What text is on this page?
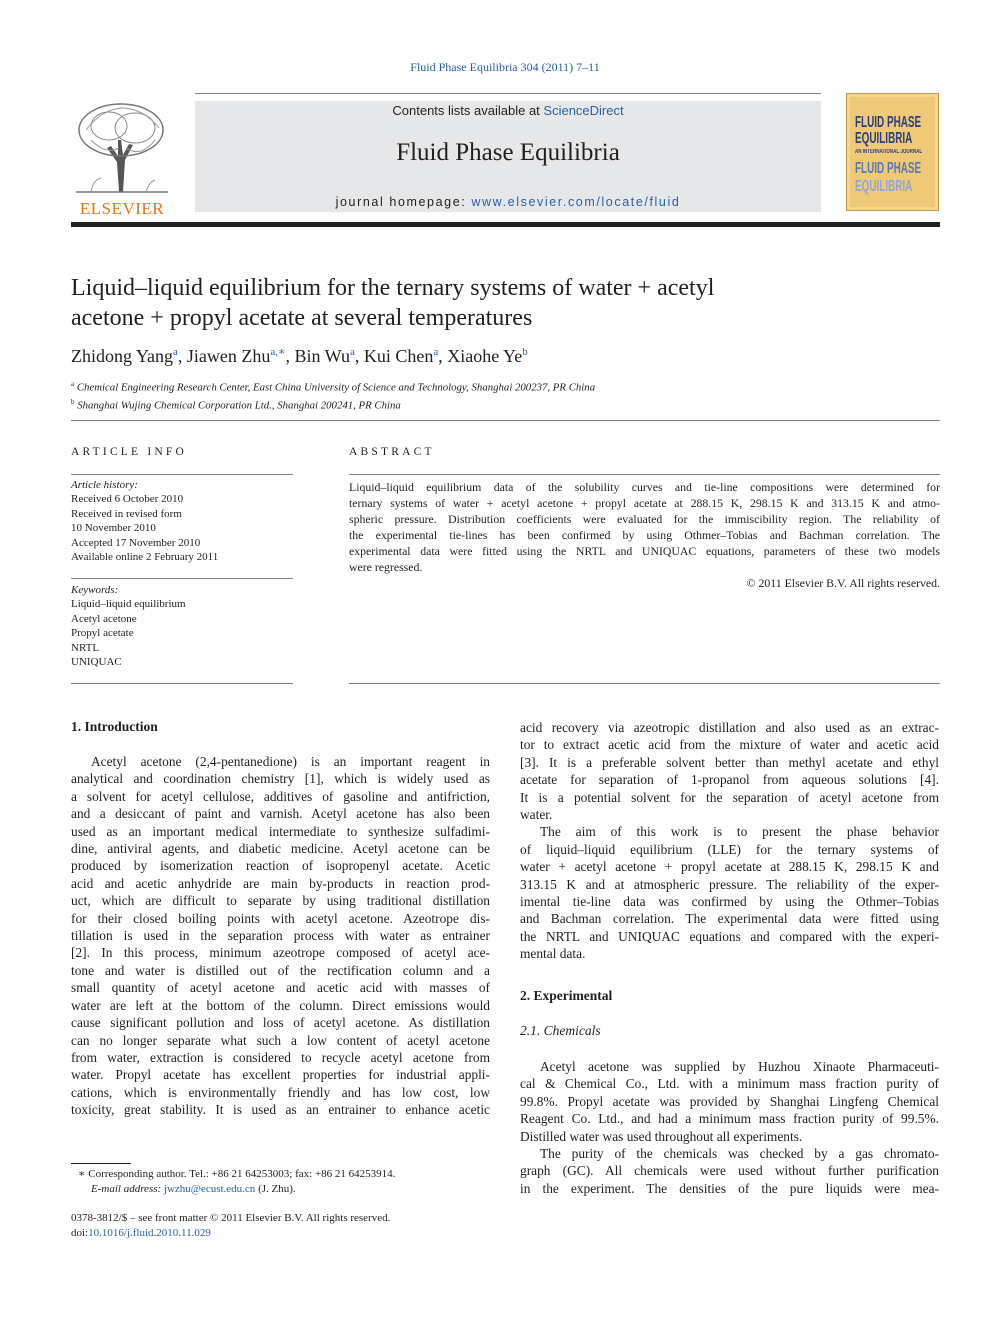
Fluid Phase Equilibria 304 (2011) 7–11
ELSEVIER
Contents lists available at ScienceDirect
Fluid Phase Equilibria
journal homepage: www.elsevier.com/locate/fluid
FLUID PHASE
EQUILIBRIA
AN INTERNATIONAL JOURNAL
FLUID PHASE
EQUILIBRIA
Liquid–liquid equilibrium for the ternary systems of water + acetyl
acetone + propyl acetate at several temperatures
Zhidong Yang$^a$, Jiawen Zhu$^{a,∗}$, Bin Wu$^a$, Kui Chen$^a$, Xiaohe Ye$^b$
$^a$ Chemical Engineering Research Center, East China University of Science and Technology, Shanghai 200237, PR China
$^b$ Shanghai Wujing Chemical Corporation Ltd., Shanghai 200241, PR China
ARTICLE INFO
Article history:
Received 6 October 2010
Received in revised form
10 November 2010
Accepted 17 November 2010
Available online 2 February 2011
Keywords:
Liquid–liquid equilibrium
Acetyl acetone
Propyl acetate
NRTL
UNIQUAC
ABSTRACT
Liquid–liquid equilibrium data of the solubility curves and tie-line compositions were determined for
ternary systems of water + acetyl acetone + propyl acetate at 288.15 K, 298.15 K and 313.15 K and atmo-
spheric pressure. Distribution coefficients were evaluated for the immiscibility region. The reliability of
the experimental tie-lines has been confirmed by using Othmer–Tobias and Bachman correlation. The
experimental data were fitted using the NRTL and UNIQUAC equations, parameters of these two models
were regressed.
© 2011 Elsevier B.V. All rights reserved.
1. Introduction
Acetyl acetone (2,4-pentanedione) is an important reagent in
analytical and coordination chemistry [1], which is widely used as
a solvent for acetyl cellulose, additives of gasoline and antifriction,
and a desiccant of paint and varnish. Acetyl acetone has also been
used as an important medical intermediate to synthesize sulfadimi-
dine, antiviral agents, and diabetic medicine. Acetyl acetone can be
produced by isomerization reaction of isopropenyl acetate. Acetic
acid and acetic anhydride are main by-products in reaction prod-
uct, which are difficult to separate by using traditional distillation
for their closed boiling points with acetyl acetone. Azeotrope dis-
tillation is used in the separation process with water as entrainer
[2]. In this process, minimum azeotrope composed of acetyl ace-
tone and water is distilled out of the rectification column and a
small quantity of acetyl acetone and acetic acid with masses of
water are left at the bottom of the column. Direct emissions would
cause significant pollution and loss of acetyl acetone. As distillation
can no longer separate what such a low content of acetyl acetone
from water, extraction is considered to recycle acetyl acetone from
water. Propyl acetate has excellent properties for industrial appli-
cations, which is environmentally friendly and has low cost, low
toxicity, great stability. It is used as an entrainer to enhance acetic
∗ Corresponding author. Tel.: +86 21 64253003; fax: +86 21 64253914.
E-mail address: jwzhu@ecust.edu.cn (J. Zhu).
0378-3812/$ – see front matter © 2011 Elsevier B.V. All rights reserved.
doi:10.1016/j.fluid.2010.11.029
acid recovery via azeotropic distillation and also used as an extrac-
tor to extract acetic acid from the mixture of water and acetic acid
[3]. It is a preferable solvent better than methyl acetate and ethyl
acetate for separation of 1-propanol from aqueous solutions [4].
It is a potential solvent for the separation of acetyl acetone from
water.
The aim of this work is to present the phase behavior
of liquid–liquid equilibrium (LLE) for the ternary systems of
water + acetyl acetone + propyl acetate at 288.15 K, 298.15 K and
313.15 K and at atmospheric pressure. The reliability of the exper-
imental tie-line data was confirmed by using the Othmer–Tobias
and Bachman correlation. The experimental data were fitted using
the NRTL and UNIQUAC equations and compared with the experi-
mental data.
2. Experimental
2.1. Chemicals
Acetyl acetone was supplied by Huzhou Xinaote Pharmaceuti-
cal & Chemical Co., Ltd. with a minimum mass fraction purity of
99.8%. Propyl acetate was provided by Shanghai Lingfeng Chemical
Reagent Co. Ltd., and had a minimum mass fraction purity of 99.5%.
Distilled water was used throughout all experiments.
The purity of the chemicals was checked by a gas chromato-
graph (GC). All chemicals were used without further purification
in the experiment. The densities of the pure liquids were mea-
